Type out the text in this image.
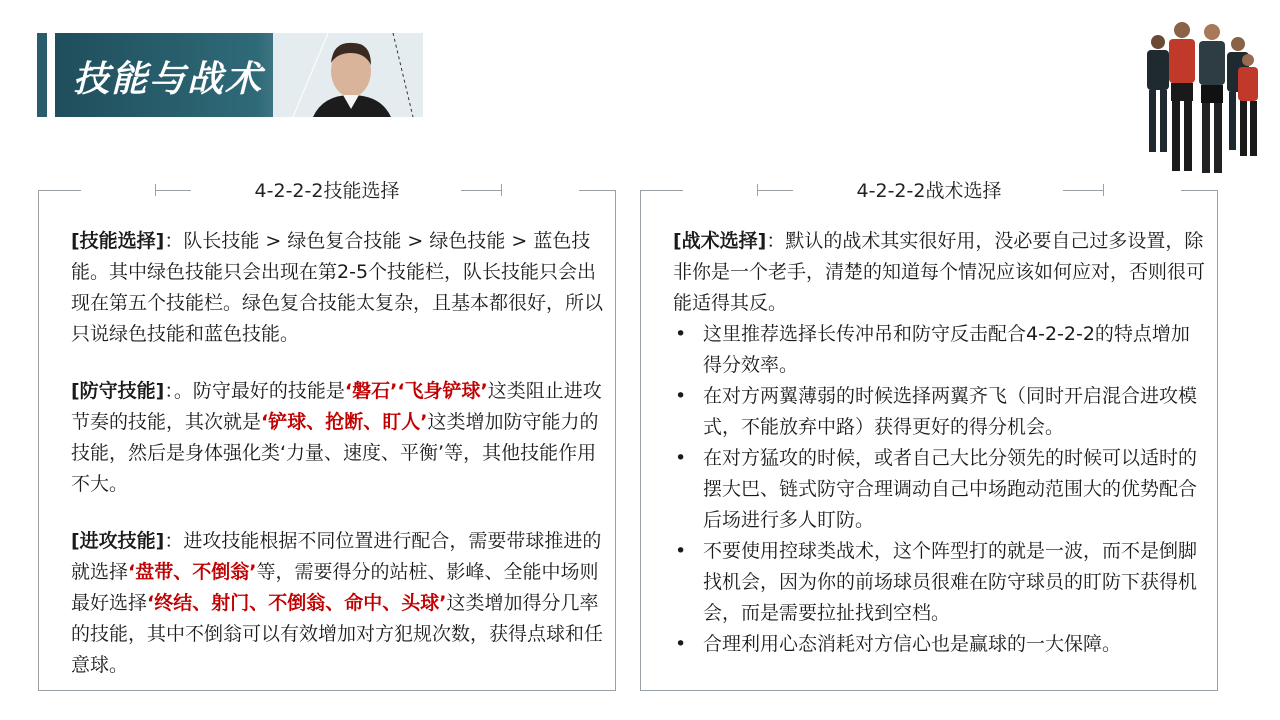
技能与战术
4-2-2-2技能选择

[技能选择]：队长技能 > 绿色复合技能 > 绿色技能 > 蓝色技能。其中绿色技能只会出现在第2-5个技能栏，队长技能只会出现在第五个技能栏。绿色复合技能太复杂，且基本都很好，所以只说绿色技能和蓝色技能。

[防守技能]：。防守最好的技能是‘磐石’‘飞身铲球’这类阻止进攻节奏的技能，其次就是‘铲球、抢断、盯人’这类增加防守能力的技能，然后是身体强化类‘力量、速度、平衡’等，其他技能作用不大。

[进攻技能]：进攻技能根据不同位置进行配合，需要带球推进的就选择‘盘带、不倒翁’等，需要得分的站桩、影峰、全能中场则最好选择‘终结、射门、不倒翁、命中、头球’这类增加得分几率的技能，其中不倒翁可以有效增加对方犯规次数，获得点球和任意球。

4-2-2-2战术选择

[战术选择]：默认的战术其实很好用，没必要自己过多设置，除非你是一个老手，清楚的知道每个情况应该如何应对，否则很可能适得其反。

• 这里推荐选择长传冲吊和防守反击配合4-2-2-2的特点增加得分效率。
• 在对方两翼薄弱的时候选择两翼齐飞（同时开启混合进攻模式，不能放弃中路）获得更好的得分机会。
• 在对方猛攻的时候，或者自己大比分领先的时候可以适时的摆大巴、链式防守合理调动自己中场跑动范围大的优势配合后场进行多人盯防。
• 不要使用控球类战术，这个阵型打的就是一波，而不是倒脚找机会，因为你的前场球员很难在防守球员的盯防下获得机会，而是需要拉扯找到空档。
• 合理利用心态消耗对方信心也是赢球的一大保障。
